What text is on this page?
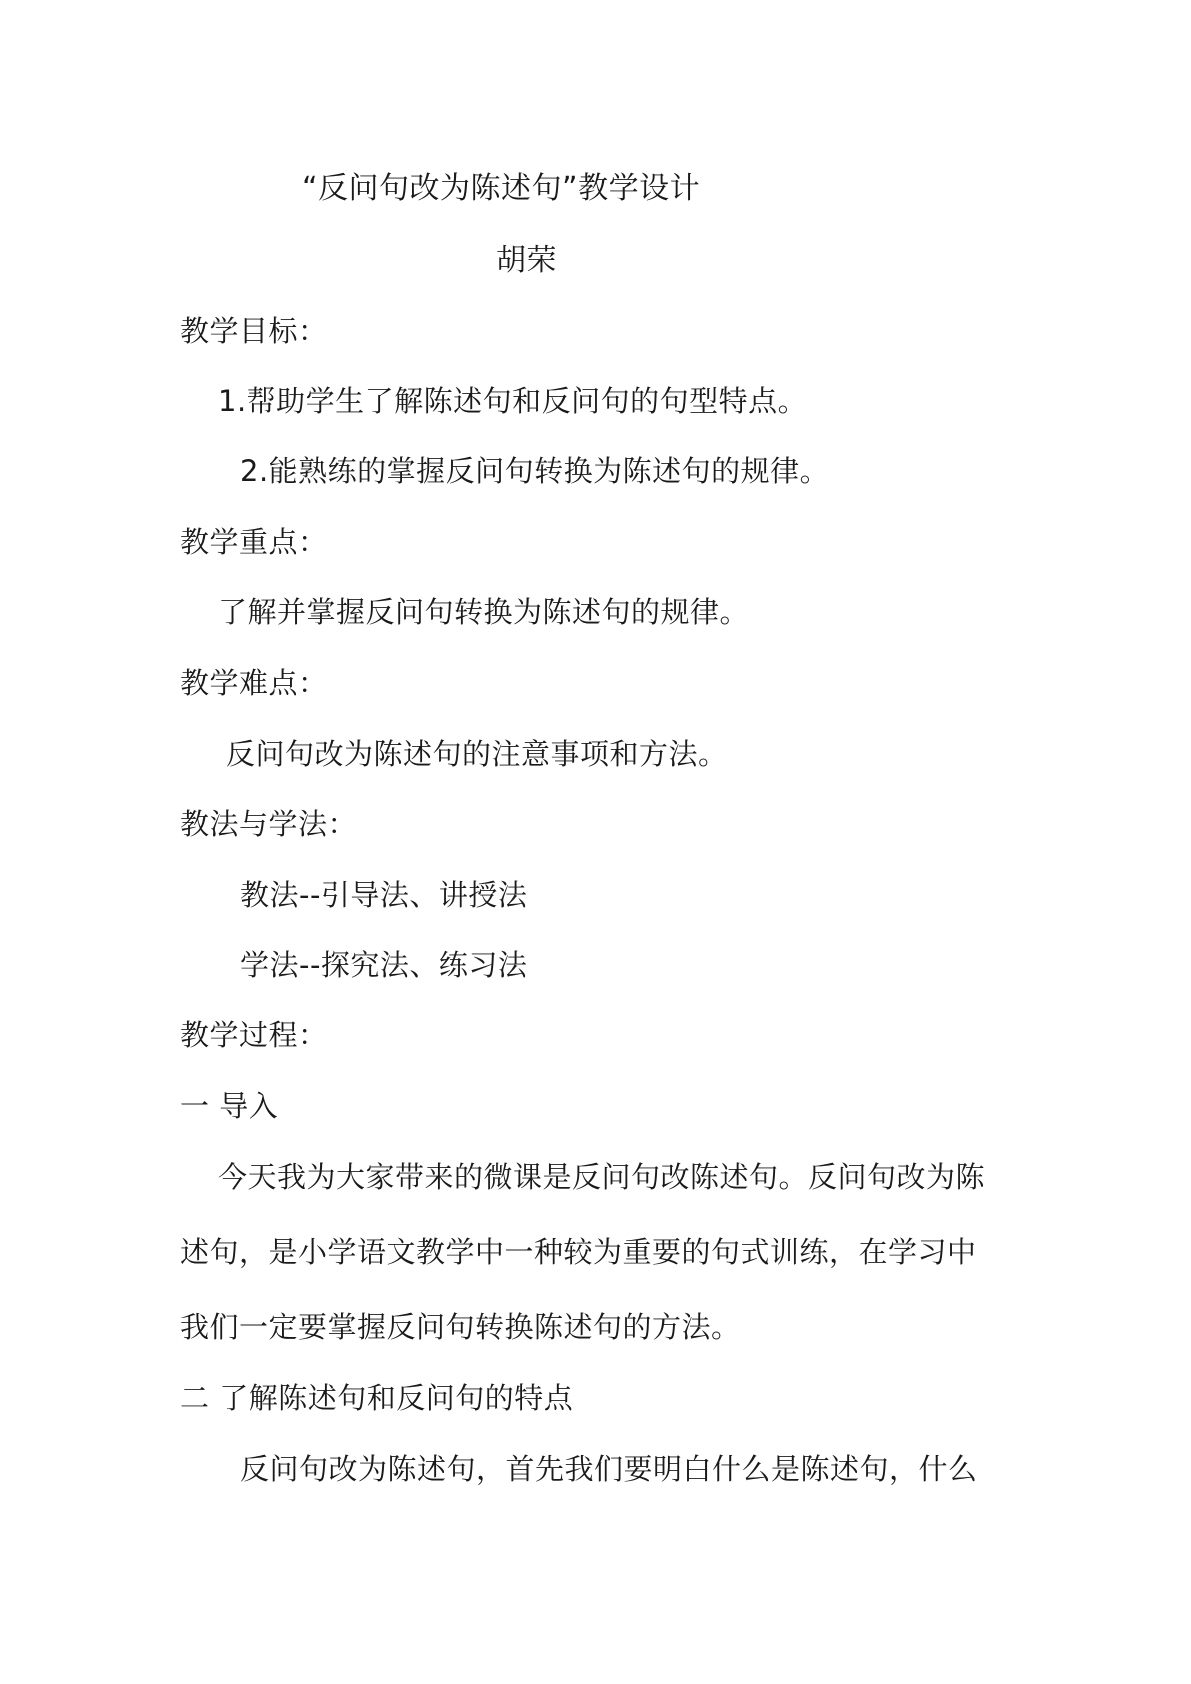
“反问句改为陈述句”教学设计
胡荣
教学目标：
1.帮助学生了解陈述句和反问句的句型特点。
2.能熟练的掌握反问句转换为陈述句的规律。
教学重点：
了解并掌握反问句转换为陈述句的规律。
教学难点：
反问句改为陈述句的注意事项和方法。
教法与学法：
教法--引导法、讲授法
学法--探究法、练习法
教学过程：
一 导入
今天我为大家带来的微课是反问句改陈述句。反问句改为陈
述句，是小学语文教学中一种较为重要的句式训练，在学习中
我们一定要掌握反问句转换陈述句的方法。
二 了解陈述句和反问句的特点
反问句改为陈述句，首先我们要明白什么是陈述句，什么
